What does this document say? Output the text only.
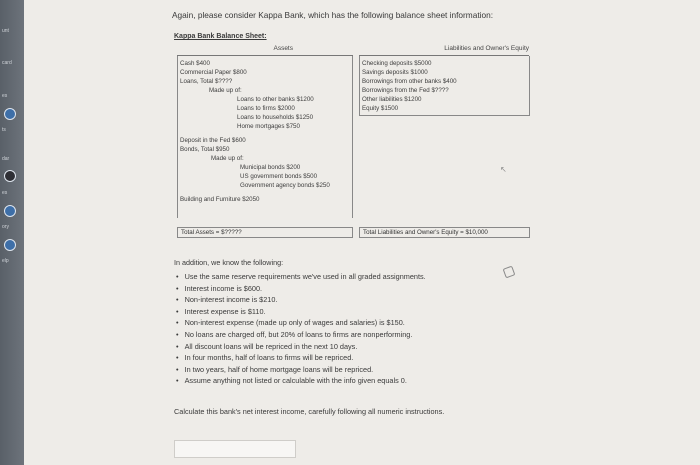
unt
card
es
ts
dar
es
ory
elp
Again, please consider Kappa Bank, which has the following balance sheet information:
Kappa Bank Balance Sheet:
Assets	Liabilities and Owner's Equity
Cash $400
Commercial Paper $800
Loans, Total $????
Made up of:
Loans to other banks $1200
Loans to firms $2000
Loans to households $1250
Home mortgages $750
Deposit in the Fed $600
Bonds, Total $950
Made up of:
Municipal bonds $200
US government bonds $500
Government agency bonds $250
Building and Furniture $2050
Checking deposits $5000
Savings deposits $1000
Borrowings from other banks $400
Borrowings from the Fed $????
Other liabilities $1200
Equity $1500
Total Assets = $?????	Total Liabilities and Owner's Equity = $10,000
↖
In addition, we know the following:
• Use the same reserve requirements we've used in all graded assignments.
• Interest income is $600.
• Non-interest income is $210.
• Interest expense is $110.
• Non-interest expense (made up only of wages and salaries) is $150.
• No loans are charged off, but 20% of loans to firms are nonperforming.
• All discount loans will be repriced in the next 10 days.
• In four months, half of loans to firms will be repriced.
• In two years, half of home mortgage loans will be repriced.
• Assume anything not listed or calculable with the info given equals 0.
Calculate this bank's net interest income, carefully following all numeric instructions.
